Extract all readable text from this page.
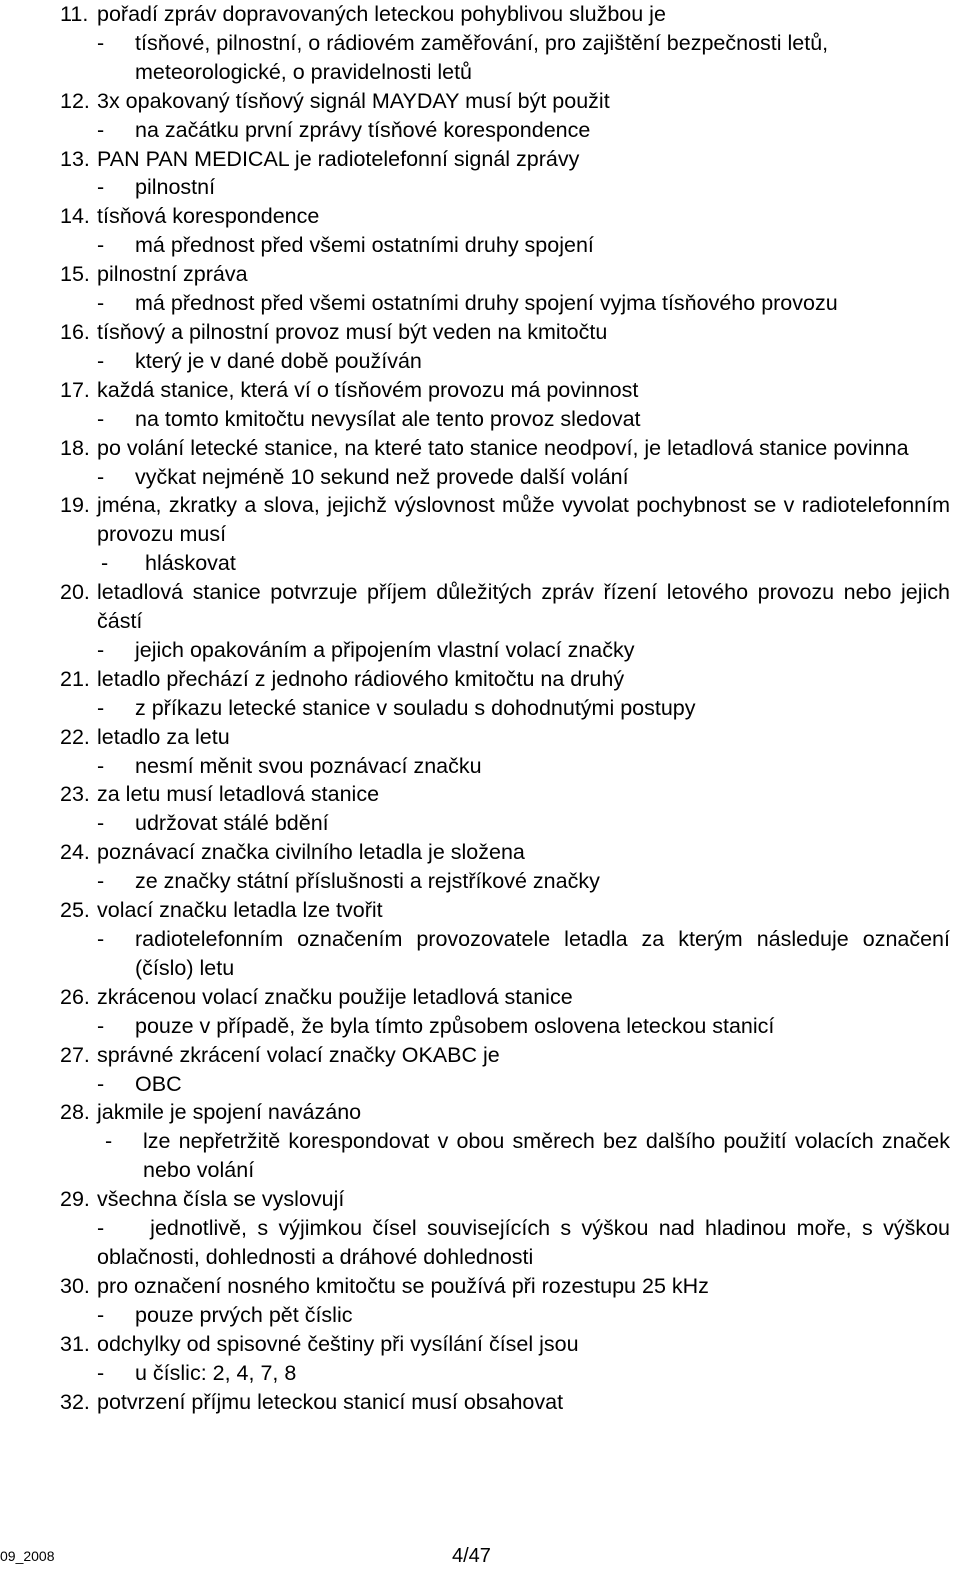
11. pořadí zpráv dopravovaných leteckou pohyblivou službou je
-	tísňové, pilnostní, o rádiovém zaměřování, pro zajištění bezpečnosti letů, meteorologické, o pravidelnosti letů
12. 3x opakovaný tísňový signál MAYDAY musí být použit
-	na začátku první zprávy tísňové korespondence
13. PAN PAN MEDICAL je radiotelefonní signál zprávy
-	pilnostní
14. tísňová korespondence
-	má přednost před všemi ostatními druhy spojení
15. pilnostní zpráva
-	má přednost před všemi ostatními druhy spojení vyjma tísňového provozu
16. tísňový a pilnostní provoz musí být veden na kmitočtu
-	který je v dané době používán
17. každá stanice, která ví o tísňovém provozu má povinnost
-	na tomto kmitočtu nevysílat ale tento provoz sledovat
18. po volání letecké stanice, na které tato stanice neodpoví, je letadlová stanice povinna
-	vyčkat nejméně 10 sekund než provede další volání
19. jména, zkratky a slova, jejichž výslovnost může vyvolat pochybnost se v radiotelefonním provozu musí
-	hláskovat
20. letadlová stanice potvrzuje příjem důležitých zpráv řízení letového provozu nebo jejich částí
-	jejich opakováním a připojením vlastní volací značky
21. letadlo přechází z jednoho rádiového kmitočtu na druhý
-	z příkazu letecké stanice v souladu s dohodnutými postupy
22. letadlo za letu
-	nesmí měnit svou poznávací značku
23. za letu musí letadlová stanice
-	udržovat stálé bdění
24. poznávací značka civilního letadla je složena
-	ze značky státní příslušnosti a rejstříkové značky
25. volací značku letadla lze tvořit
-	radiotelefonním označením provozovatele letadla za kterým následuje označení (číslo) letu
26. zkrácenou volací značku použije letadlová stanice
-	pouze v případě, že byla tímto způsobem oslovena leteckou stanicí
27. správné zkrácení volací značky OKABC je
-	OBC
28. jakmile je spojení navázáno
-	lze nepřetržitě korespondovat v obou směrech bez dalšího použití volacích značek nebo volání
29. všechna čísla se vyslovují
- jednotlivě, s výjimkou čísel souvisejících s výškou nad hladinou moře, s výškou oblačnosti, dohlednosti a dráhové dohlednosti
30. pro označení nosného kmitočtu se používá při rozestupu 25 kHz
-	pouze prvých pět číslic
31. odchylky od spisovné češtiny při vysílání čísel jsou
-	u číslic: 2, 4, 7, 8
32. potvrzení příjmu leteckou stanicí musí obsahovat
09_2008	4/47
